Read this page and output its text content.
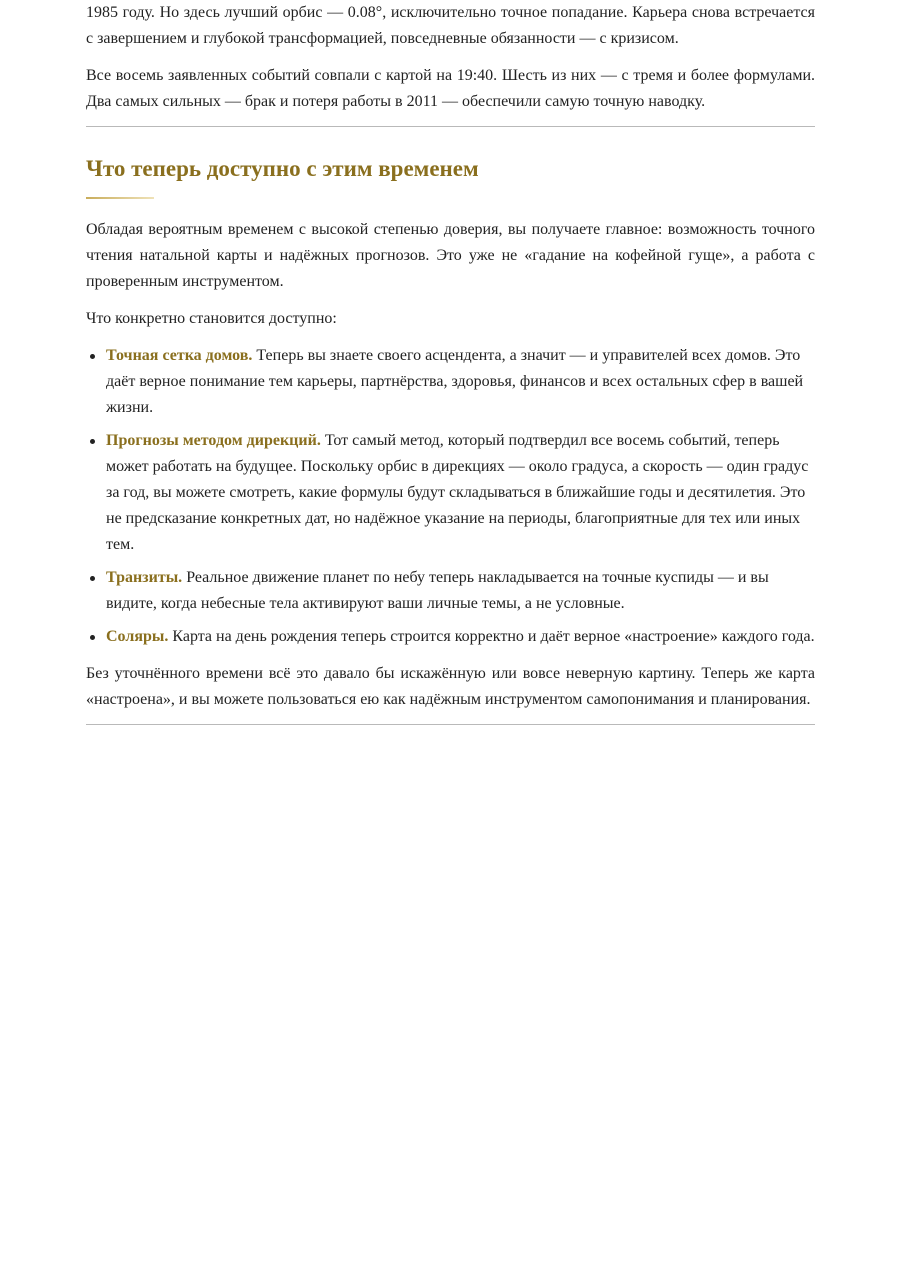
1985 году. Но здесь лучший орбис — 0.08°, исключительно точное попадание. Карьера снова встречается с завершением и глубокой трансформацией, повседневные обязанности — с кризисом.

Все восемь заявленных событий совпали с картой на 19:40. Шесть из них — с тремя и более формулами. Два самых сильных — брак и потеря работы в 2011 — обеспечили самую точную наводку.

Что теперь доступно с этим временем

Обладая вероятным временем с высокой степенью доверия, вы получаете главное: возможность точного чтения натальной карты и надёжных прогнозов. Это уже не «гадание на кофейной гуще», а работа с проверенным инструментом.

Что конкретно становится доступно:

Точная сетка домов. Теперь вы знаете своего асцендента, а значит — и управителей всех домов. Это даёт верное понимание тем карьеры, партнёрства, здоровья, финансов и всех остальных сфер в вашей жизни.
Прогнозы методом дирекций. Тот самый метод, который подтвердил все восемь событий, теперь может работать на будущее. Поскольку орбис в дирекциях — около градуса, а скорость — один градус за год, вы можете смотреть, какие формулы будут складываться в ближайшие годы и десятилетия. Это не предсказание конкретных дат, но надёжное указание на периоды, благоприятные для тех или иных тем.
Транзиты. Реальное движение планет по небу теперь накладывается на точные куспиды — и вы видите, когда небесные тела активируют ваши личные темы, а не условные.
Соляры. Карта на день рождения теперь строится корректно и даёт верное «настроение» каждого года.

Без уточнённого времени всё это давало бы искажённую или вовсе неверную картину. Теперь же карта «настроена», и вы можете пользоваться ею как надёжным инструментом самопонимания и планирования.
